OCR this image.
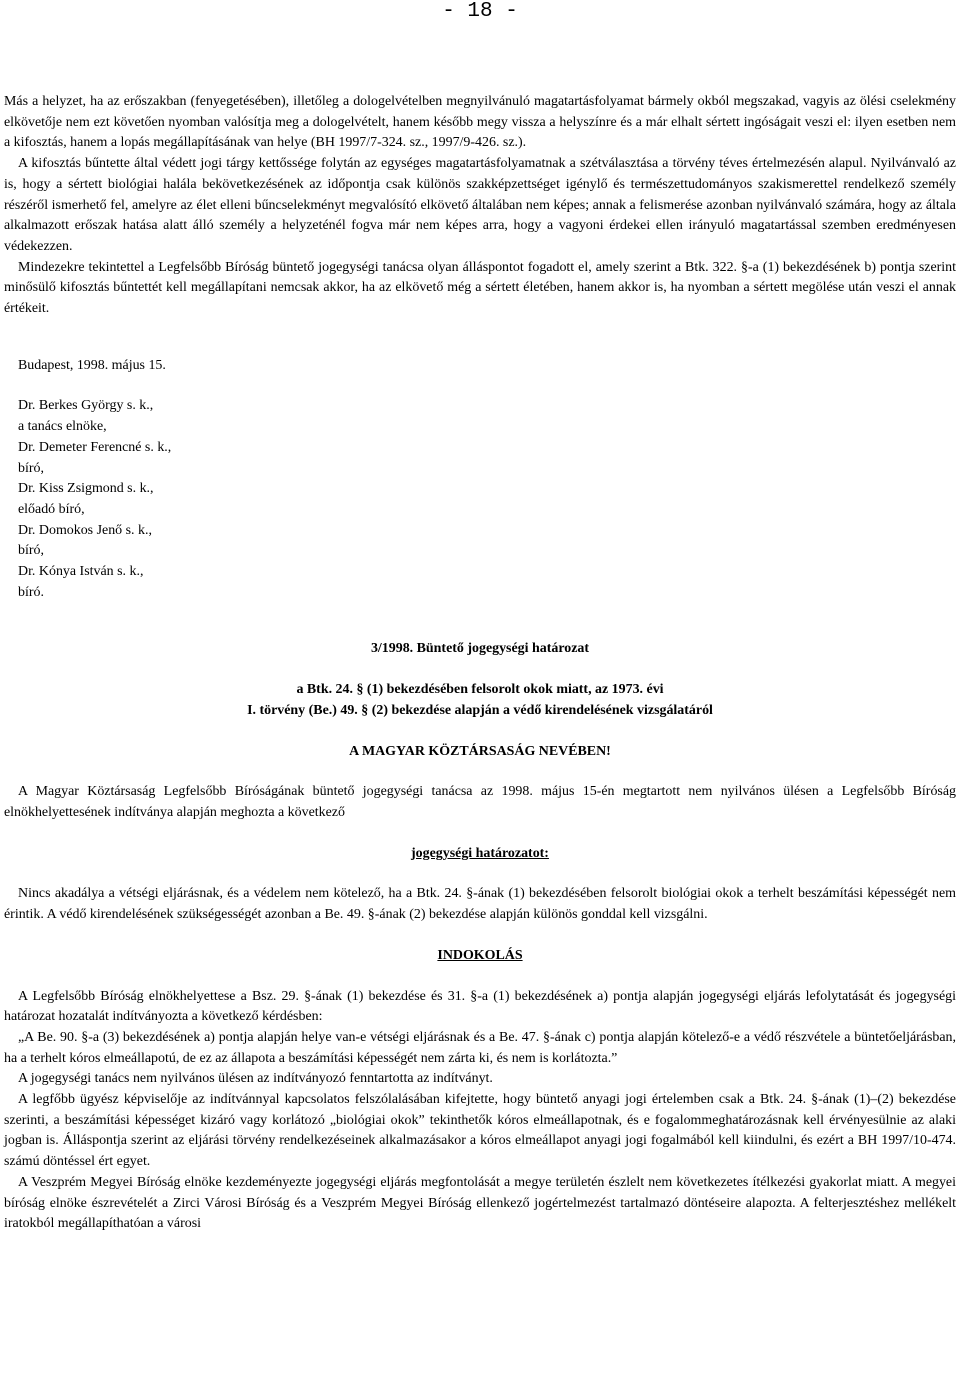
- 18 -

Más a helyzet, ha az erőszakban (fenyegetésében), illetőleg a dologelvételben megnyilvánuló magatartásfolyamat bármely okból megszakad, vagyis az ölési cselekmény elkövetője nem ezt követően nyomban valósítja meg a dologelvételt, hanem később megy vissza a helyszínre és a már elhalt sértett ingóságait veszi el: ilyen esetben nem a kifosztás, hanem a lopás megállapításának van helye (BH 1997/7-324. sz., 1997/9-426. sz.).

A kifosztás bűntette által védett jogi tárgy kettőssége folytán az egységes magatartásfolyamatnak a szétválasztása a törvény téves értelmezésén alapul. Nyilvánvaló az is, hogy a sértett biológiai halála bekövetkezésének az időpontja csak különös szakképzettséget igénylő és természettudományos szakismerettel rendelkező személy részéről ismerhető fel, amelyre az élet elleni bűncselekményt megvalósító elkövető általában nem képes; annak a felismerése azonban nyilvánvaló számára, hogy az általa alkalmazott erőszak hatása alatt álló személy a helyzeténél fogva már nem képes arra, hogy a vagyoni érdekei ellen irányuló magatartással szemben eredményesen védekezzen.

Mindezekre tekintettel a Legfelsőbb Bíróság büntető jogegységi tanácsa olyan álláspontot fogadott el, amely szerint a Btk. 322. §-a (1) bekezdésének b) pontja szerint minősülő kifosztás bűntettét kell megállapítani nemcsak akkor, ha az elkövető még a sértett életében, hanem akkor is, ha nyomban a sértett megölése után veszi el annak értékeit.

Budapest, 1998. május 15.

Dr. Berkes György s. k.,

a tanács elnöke,

Dr. Demeter Ferencné s. k.,

bíró,

Dr. Kiss Zsigmond s. k.,

előadó bíró,

Dr. Domokos Jenő s. k.,

bíró,

Dr. Kónya István s. k.,

bíró.

3/1998. Büntető jogegységi határozat

a Btk. 24. § (1) bekezdésében felsorolt okok miatt, az 1973. évi

I. törvény (Be.) 49. § (2) bekezdése alapján a védő kirendelésének vizsgálatáról

A MAGYAR KÖZTÁRSASÁG NEVÉBEN!

A Magyar Köztársaság Legfelsőbb Bíróságának büntető jogegységi tanácsa az 1998. május 15-én megtartott nem nyilvános ülésen a Legfelsőbb Bíróság elnökhelyettesének indítványa alapján meghozta a következő

jogegységi határozatot:

Nincs akadálya a vétségi eljárásnak, és a védelem nem kötelező, ha a Btk. 24. §-ának (1) bekezdésében felsorolt biológiai okok a terhelt beszámítási képességét nem érintik. A védő kirendelésének szükségességét azonban a Be. 49. §-ának (2) bekezdése alapján különös gonddal kell vizsgálni.

INDOKOLÁS

A Legfelsőbb Bíróság elnökhelyettese a Bsz. 29. §-ának (1) bekezdése és 31. §-a (1) bekezdésének a) pontja alapján jogegységi eljárás lefolytatását és jogegységi határozat hozatalát indítványozta a következő kérdésben:

„A Be. 90. §-a (3) bekezdésének a) pontja alapján helye van-e vétségi eljárásnak és a Be. 47. §-ának c) pontja alapján kötelező-e a védő részvétele a büntetőeljárásban, ha a terhelt kóros elmeállapotú, de ez az állapota a beszámítási képességét nem zárta ki, és nem is korlátozta.”

A jogegységi tanács nem nyilvános ülésen az indítványozó fenntartotta az indítványt.

A legfőbb ügyész képviselője az indítvánnyal kapcsolatos felszólalásában kifejtette, hogy büntető anyagi jogi értelemben csak a Btk. 24. §-ának (1)–(2) bekezdése szerinti, a beszámítási képességet kizáró vagy korlátozó „biológiai okok” tekinthetők kóros elmeállapotnak, és e fogalommeghatározásnak kell érvényesülnie az alaki jogban is. Álláspontja szerint az eljárási törvény rendelkezéseinek alkalmazásakor a kóros elmeállapot anyagi jogi fogalmából kell kiindulni, és ezért a BH 1997/10-474. számú döntéssel ért egyet.

A Veszprém Megyei Bíróság elnöke kezdeményezte jogegységi eljárás megfontolását a megye területén észlelt nem következetes ítélkezési gyakorlat miatt. A megyei bíróság elnöke észrevételét a Zirci Városi Bíróság és a Veszprém Megyei Bíróság ellenkező jogértelmezést tartalmazó döntéseire alapozta. A felterjesztéshez mellékelt iratokból megállapíthatóan a városi
